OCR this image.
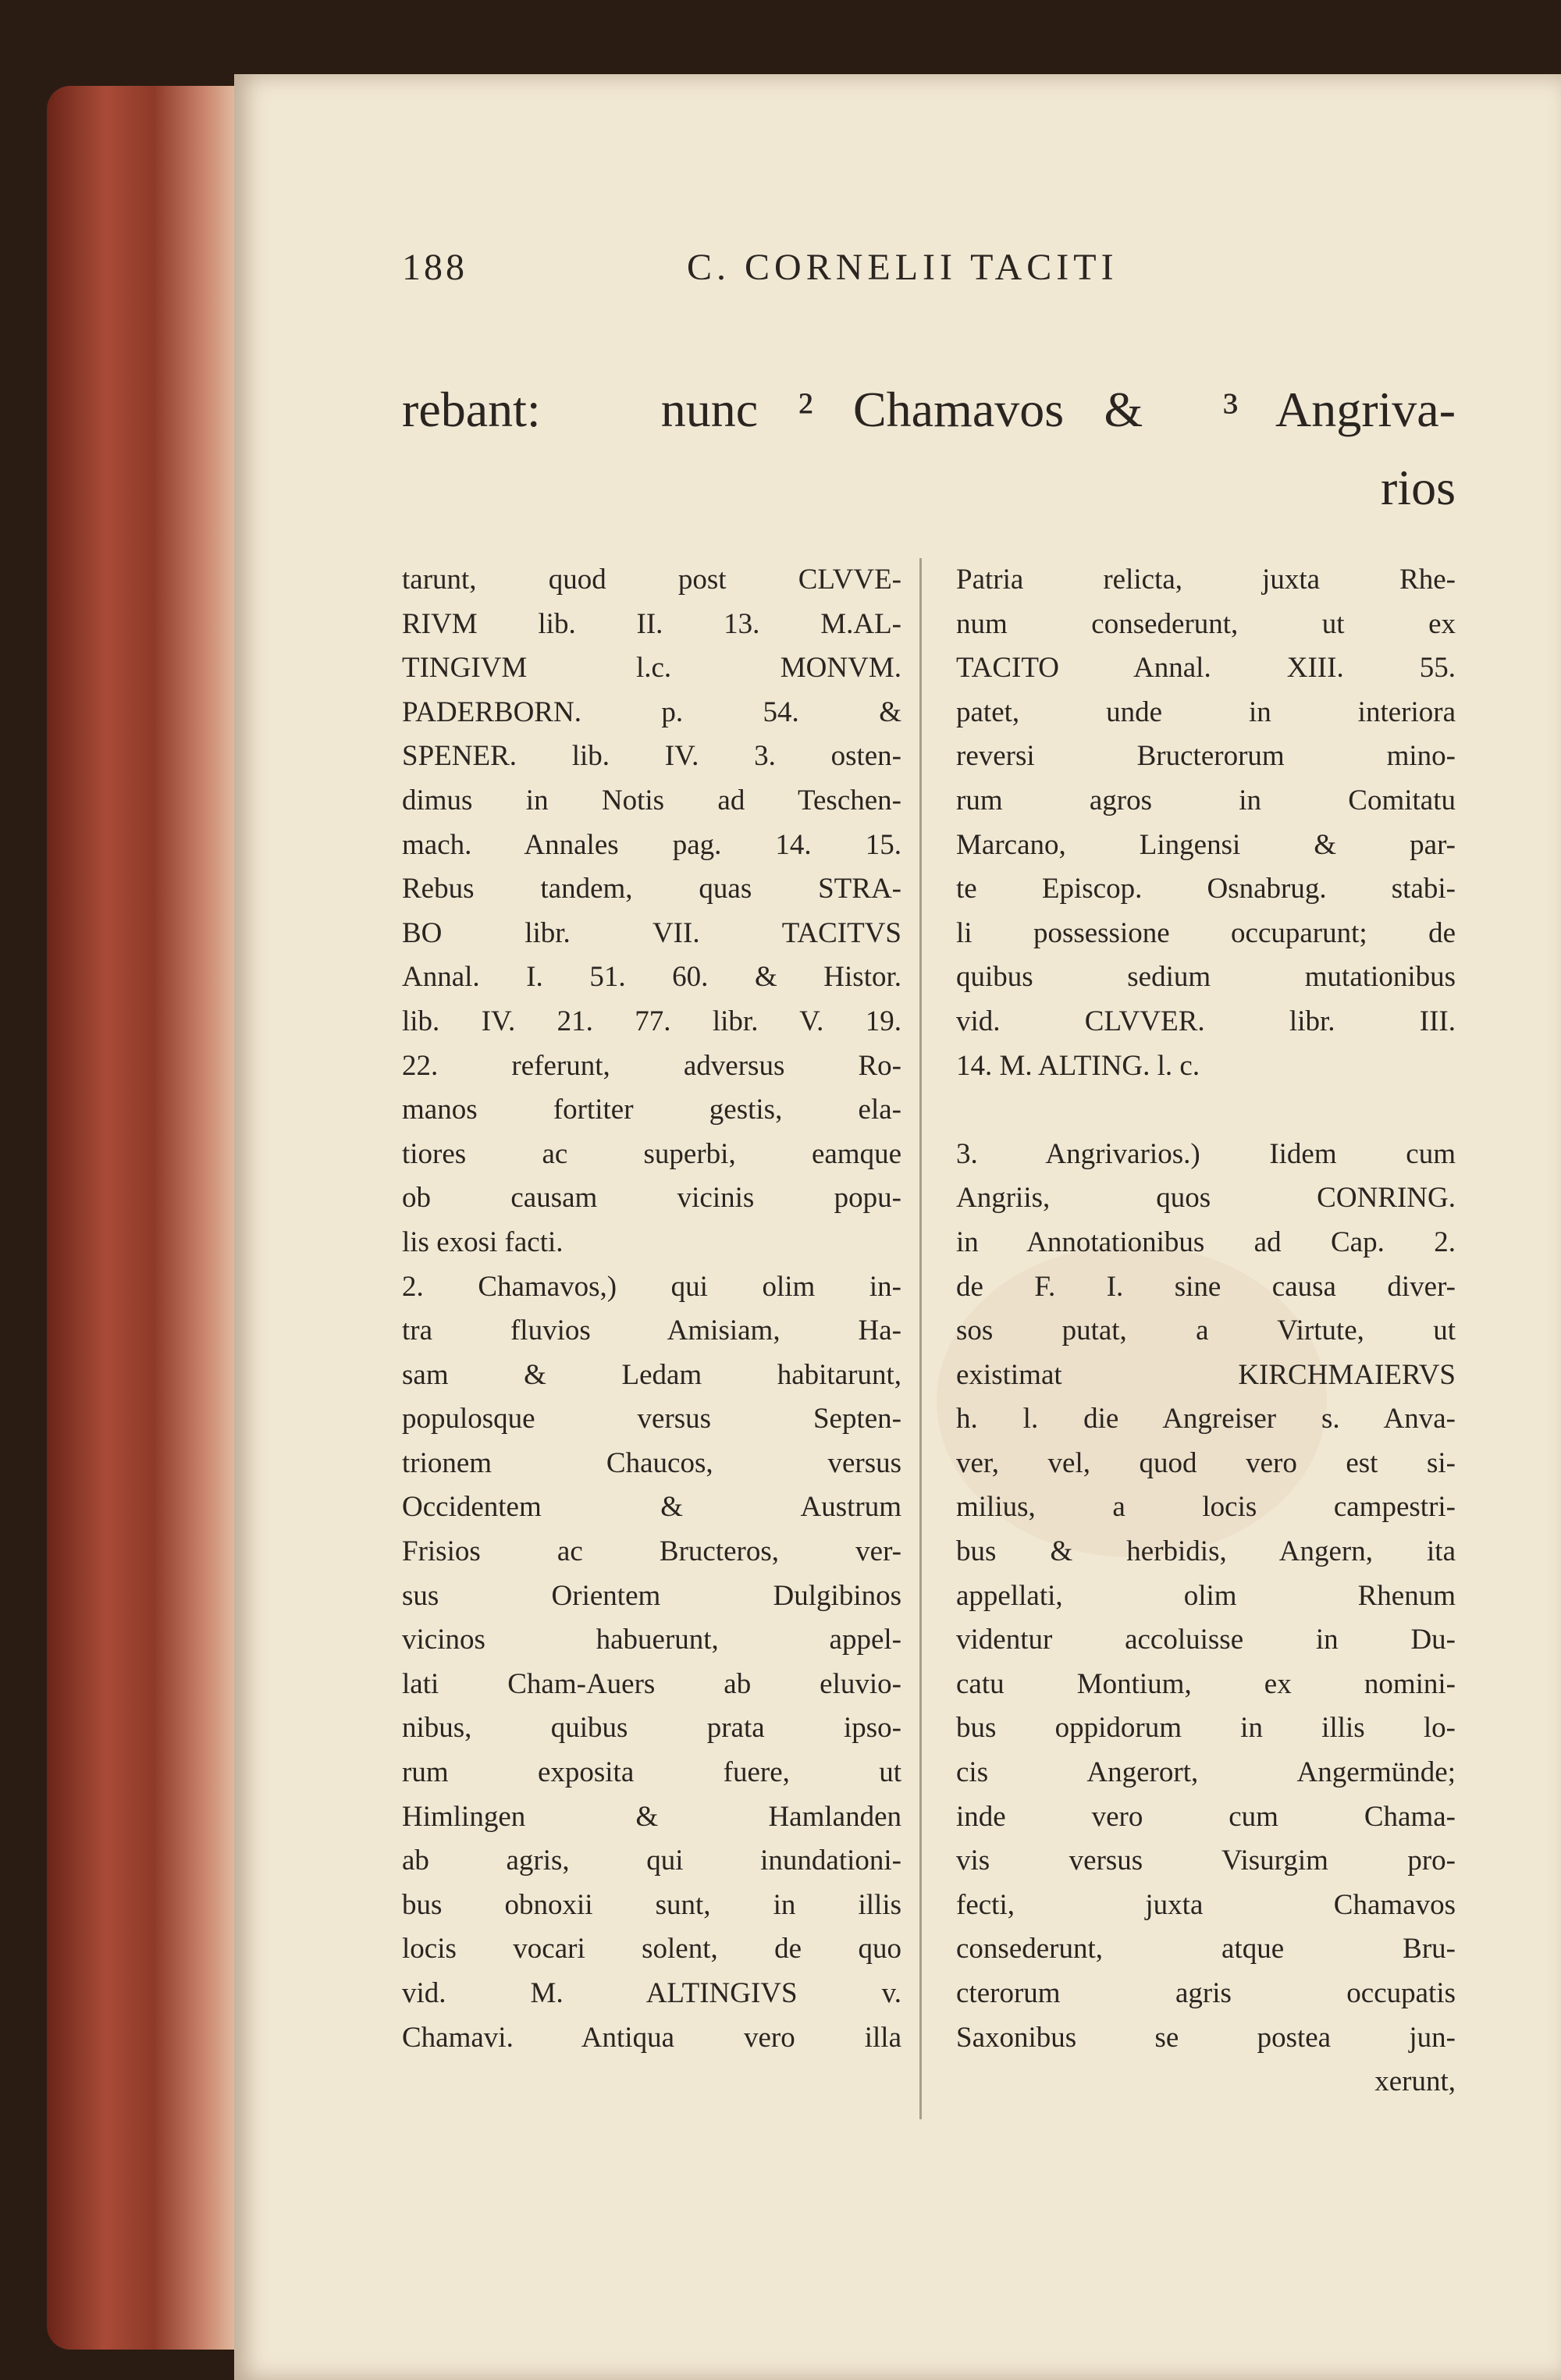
188	C. CORNELII TACITI
rebant:   nunc ² Chamavos &  ³ Angriva-
rios
tarunt, quod post CLVVE-
RIVM lib. II. 13. M.AL-
TINGIVM l.c. MONVM.
PADERBORN. p. 54. &
SPENER. lib. IV. 3. osten-
dimus in Notis ad Teschen-
mach. Annales pag. 14. 15.
Rebus tandem, quas STRA-
BO libr. VII. TACITVS
Annal. I. 51. 60. & Histor.
lib. IV. 21. 77. libr. V. 19.
22. referunt, adversus Ro-
manos fortiter gestis, ela-
tiores ac superbi, eamque
ob causam vicinis popu-
lis exosi facti.
2. Chamavos,) qui olim in-
tra fluvios Amisiam, Ha-
sam & Ledam habitarunt,
populosque versus Septen-
trionem Chaucos, versus
Occidentem & Austrum
Frisios ac Bructeros, ver-
sus Orientem Dulgibinos
vicinos habuerunt, appel-
lati Cham-Auers ab eluvio-
nibus, quibus prata ipso-
rum exposita fuere, ut
Himlingen & Hamlanden
ab agris, qui inundationi-
bus obnoxii sunt, in illis
locis vocari solent, de quo
vid. M. ALTINGIVS v.
Chamavi. Antiqua vero illa
Patria relicta, juxta Rhe-
num consederunt, ut ex
TACITO Annal. XIII. 55.
patet, unde in interiora
reversi Bructerorum mino-
rum agros in Comitatu
Marcano, Lingensi & par-
te Episcop. Osnabrug. stabi-
li possessione occuparunt; de
quibus sedium mutationibus
vid. CLVVER. libr. III.
14. M. ALTING. l. c.
3. Angrivarios.) Iidem cum
Angriis, quos CONRING.
in Annotationibus ad Cap. 2.
de F. I. sine causa diver-
sos putat, a Virtute, ut
existimat KIRCHMAIERVS
h. l. die Angreiser s. Anva-
ver, vel, quod vero est si-
milius, a locis campestri-
bus & herbidis, Angern, ita
appellati, olim Rhenum
videntur accoluisse in Du-
catu Montium, ex nomini-
bus oppidorum in illis lo-
cis Angerort, Angermünde;
inde vero cum Chama-
vis versus Visurgim pro-
fecti, juxta Chamavos
consederunt, atque Bru-
cterorum agris occupatis
Saxonibus se postea jun-
xerunt,
